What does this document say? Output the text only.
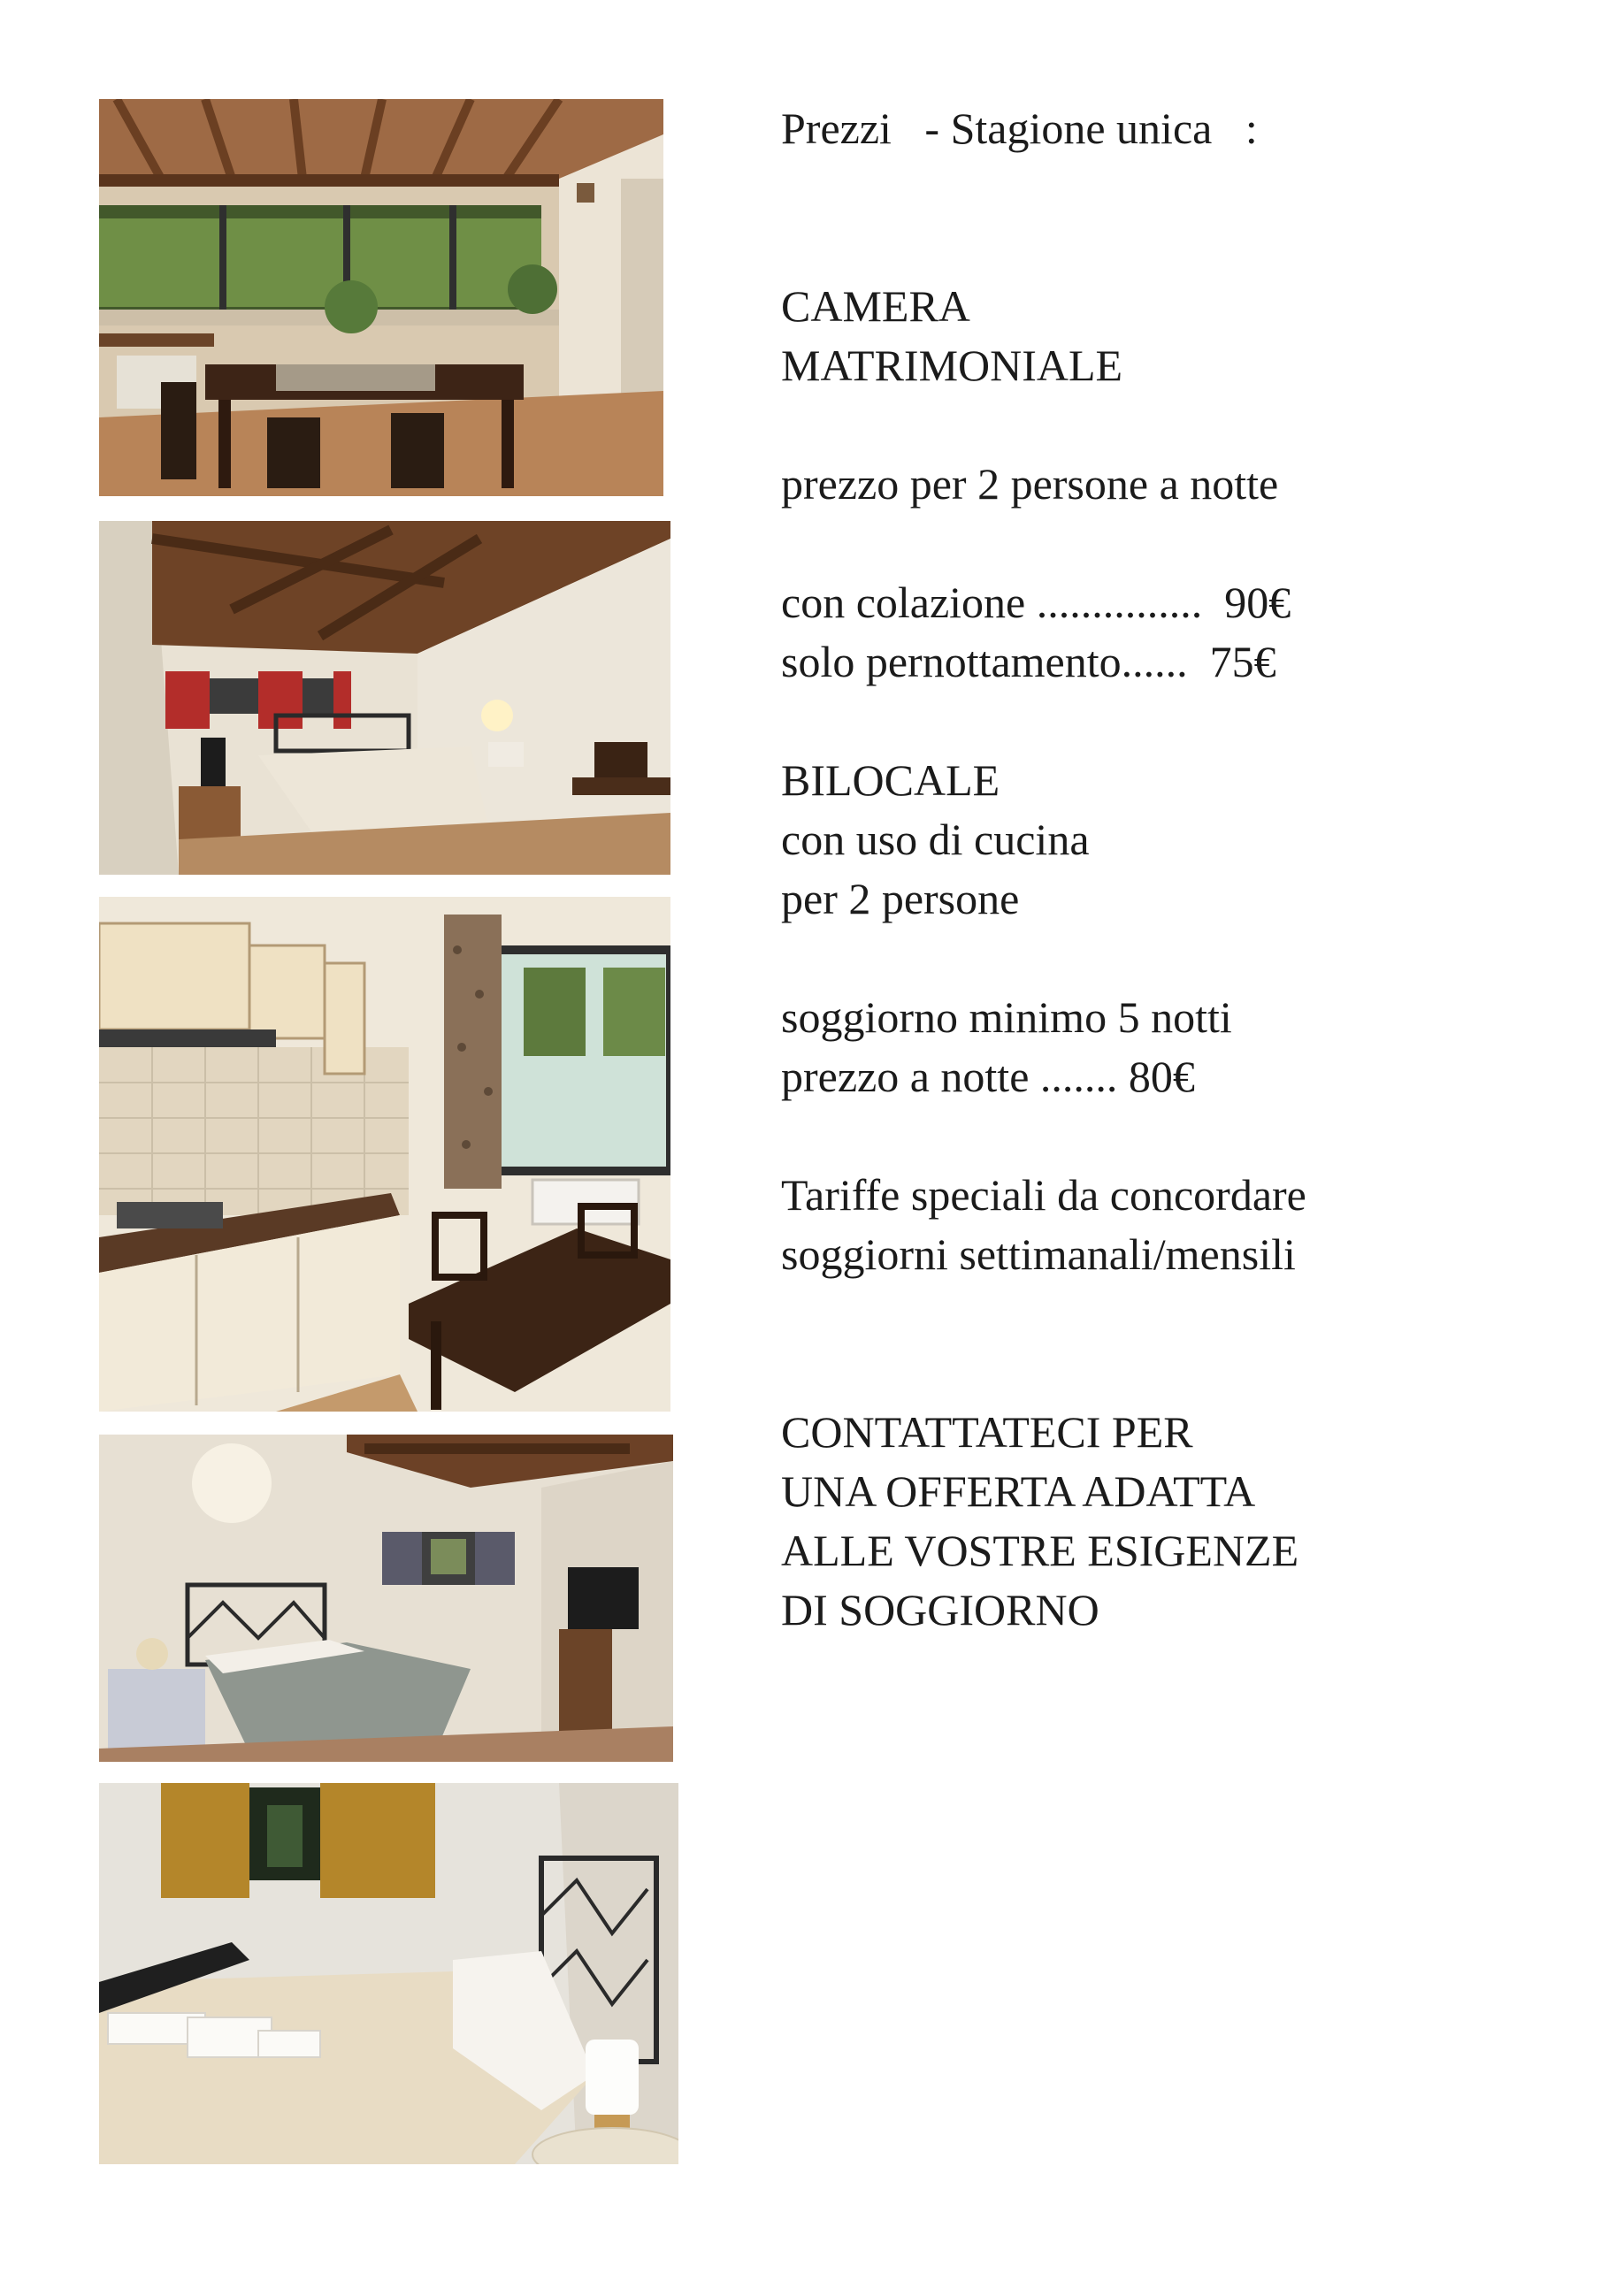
Prezzi   - Stagione unica   :

CAMERA

MATRIMONIALE

prezzo per 2 persone a notte

con colazione ...............  90€

solo pernottamento......  75€

BILOCALE

con uso di cucina

per 2 persone

soggiorno minimo 5 notti

prezzo a notte ....... 80€

Tariffe speciali da concordare

soggiorni settimanali/mensili

CONTATTATECI PER

UNA OFFERTA ADATTA

ALLE VOSTRE ESIGENZE

DI SOGGIORNO
